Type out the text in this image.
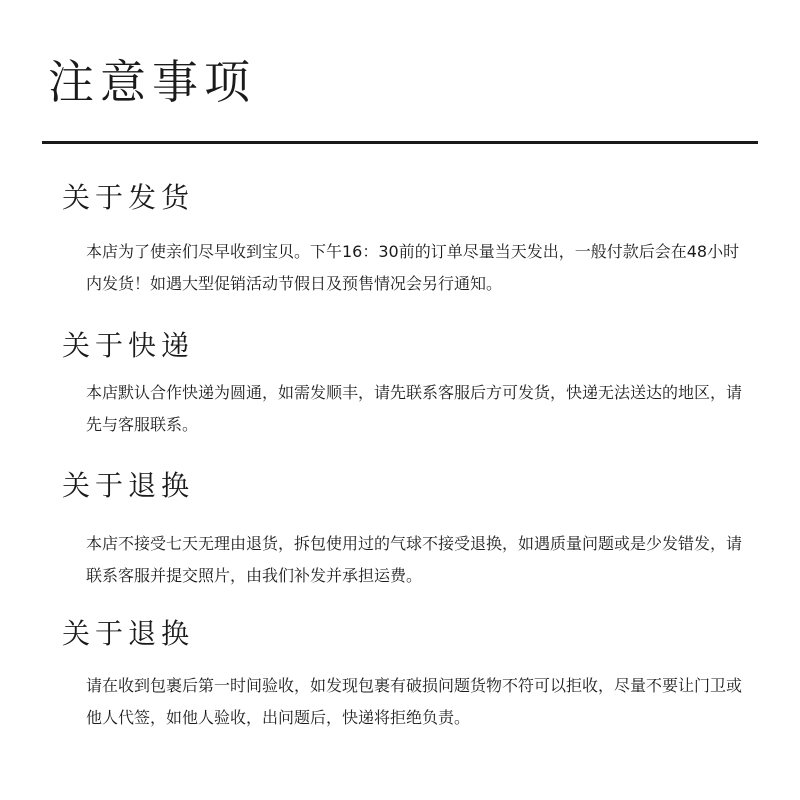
注意事项
关于发货

本店为了使亲们尽早收到宝贝。下午16：30前的订单尽量当天发出，一般付款后会在48小时内发货！如遇大型促销活动节假日及预售情况会另行通知。

关于快递

本店默认合作快递为圆通，如需发顺丰，请先联系客服后方可发货，快递无法送达的地区，请先与客服联系。

关于退换

本店不接受七天无理由退货，拆包使用过的气球不接受退换，如遇质量问题或是少发错发，请联系客服并提交照片，由我们补发并承担运费。

关于退换

请在收到包裹后第一时间验收，如发现包裹有破损问题货物不符可以拒收，尽量不要让门卫或他人代签，如他人验收，出问题后，快递将拒绝负责。
